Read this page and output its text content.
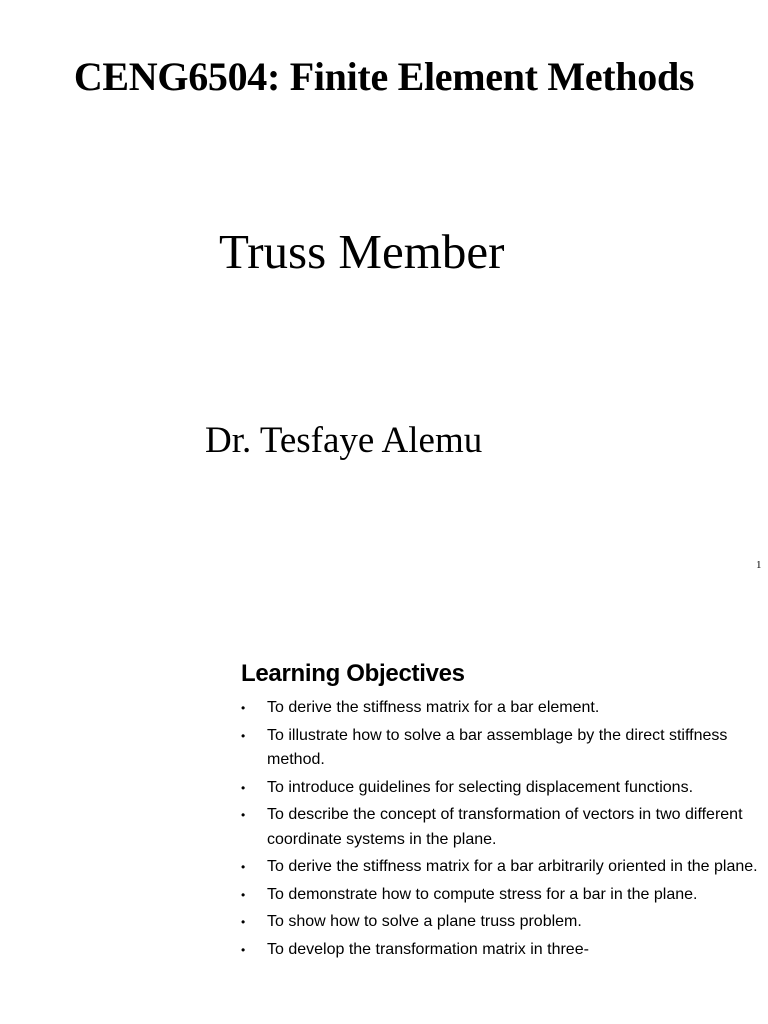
CENG6504: Finite Element Methods
Truss Member
Dr. Tesfaye Alemu
1
Learning Objectives
• To derive the stiffness matrix for a bar element.
• To illustrate how to solve a bar assemblage by the direct stiffness method.
• To introduce guidelines for selecting displacement functions.
• To describe the concept of transformation of vectors in two different coordinate systems in the plane.
• To derive the stiffness matrix for a bar arbitrarily oriented in the plane.
• To demonstrate how to compute stress for a bar in the plane.
• To show how to solve a plane truss problem.
• To develop the transformation matrix in three-
